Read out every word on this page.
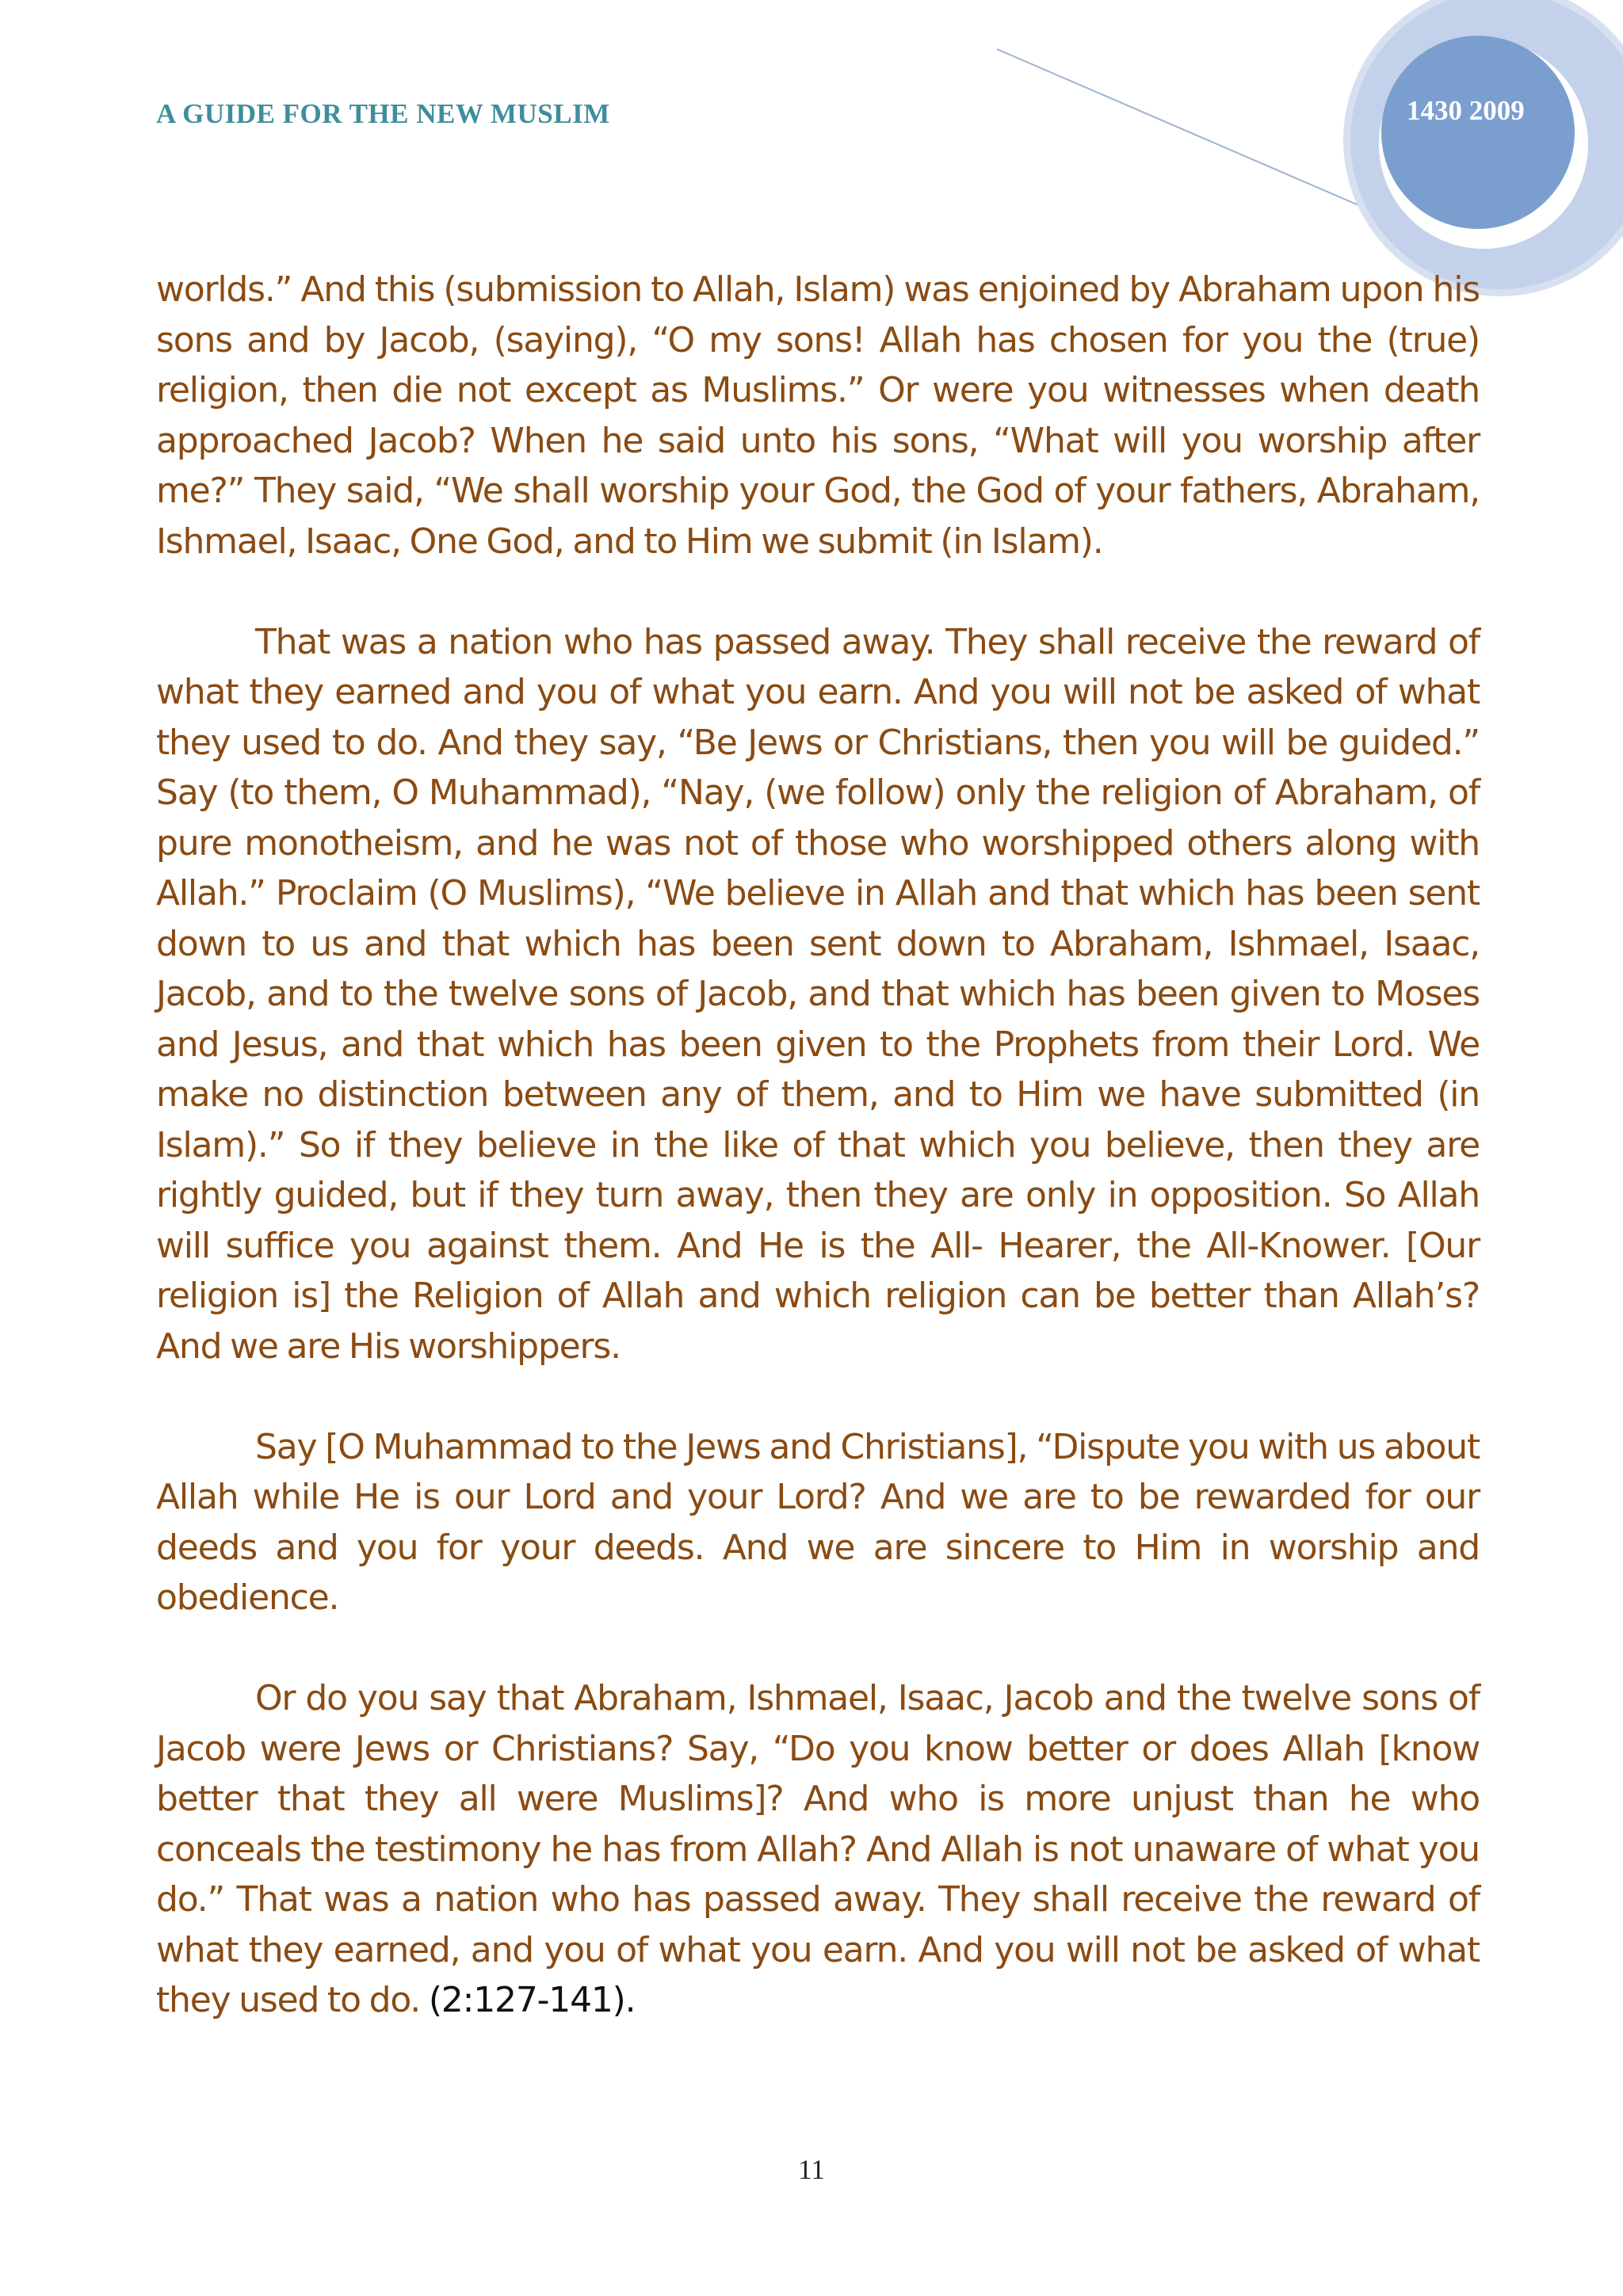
A GUIDE FOR THE NEW MUSLIM	1430 2009

worlds.” And this (submission to Allah, Islam) was enjoined by Abraham upon his sons and by Jacob, (saying), “O my sons! Allah has chosen for you the (true) religion, then die not except as Muslims.” Or were you witnesses when death approached Jacob? When he said unto his sons, “What will you worship after me?” They said, “We shall worship your God, the God of your fathers, Abraham, Ishmael, Isaac, One God, and to Him we submit (in Islam).

That was a nation who has passed away. They shall receive the reward of what they earned and you of what you earn. And you will not be asked of what they used to do. And they say, “Be Jews or Christians, then you will be guided.” Say (to them, O Muhammad), “Nay, (we follow) only the religion of Abraham, of pure monotheism, and he was not of those who worshipped others along with Allah.” Proclaim (O Muslims), “We believe in Allah and that which has been sent down to us and that which has been sent down to Abraham, Ishmael, Isaac, Jacob, and to the twelve sons of Jacob, and that which has been given to Moses and Jesus, and that which has been given to the Prophets from their Lord. We make no distinction between any of them, and to Him we have submitted (in Islam).” So if they believe in the like of that which you believe, then they are rightly guided, but if they turn away, then they are only in opposition. So Allah will suffice you against them. And He is the All- Hearer, the All-Knower. [Our religion is] the Religion of Allah and which religion can be better than Allah’s? And we are His worshippers.

Say [O Muhammad to the Jews and Christians], “Dispute you with us about Allah while He is our Lord and your Lord? And we are to be rewarded for our deeds and you for your deeds. And we are sincere to Him in worship and obedience.

Or do you say that Abraham, Ishmael, Isaac, Jacob and the twelve sons of Jacob were Jews or Christians? Say, “Do you know better or does Allah [know better that they all were Muslims]? And who is more unjust than he who conceals the testimony he has from Allah? And Allah is not unaware of what you do.” That was a nation who has passed away. They shall receive the reward of what they earned, and you of what you earn. And you will not be asked of what they used to do. (2:127-141).

11
